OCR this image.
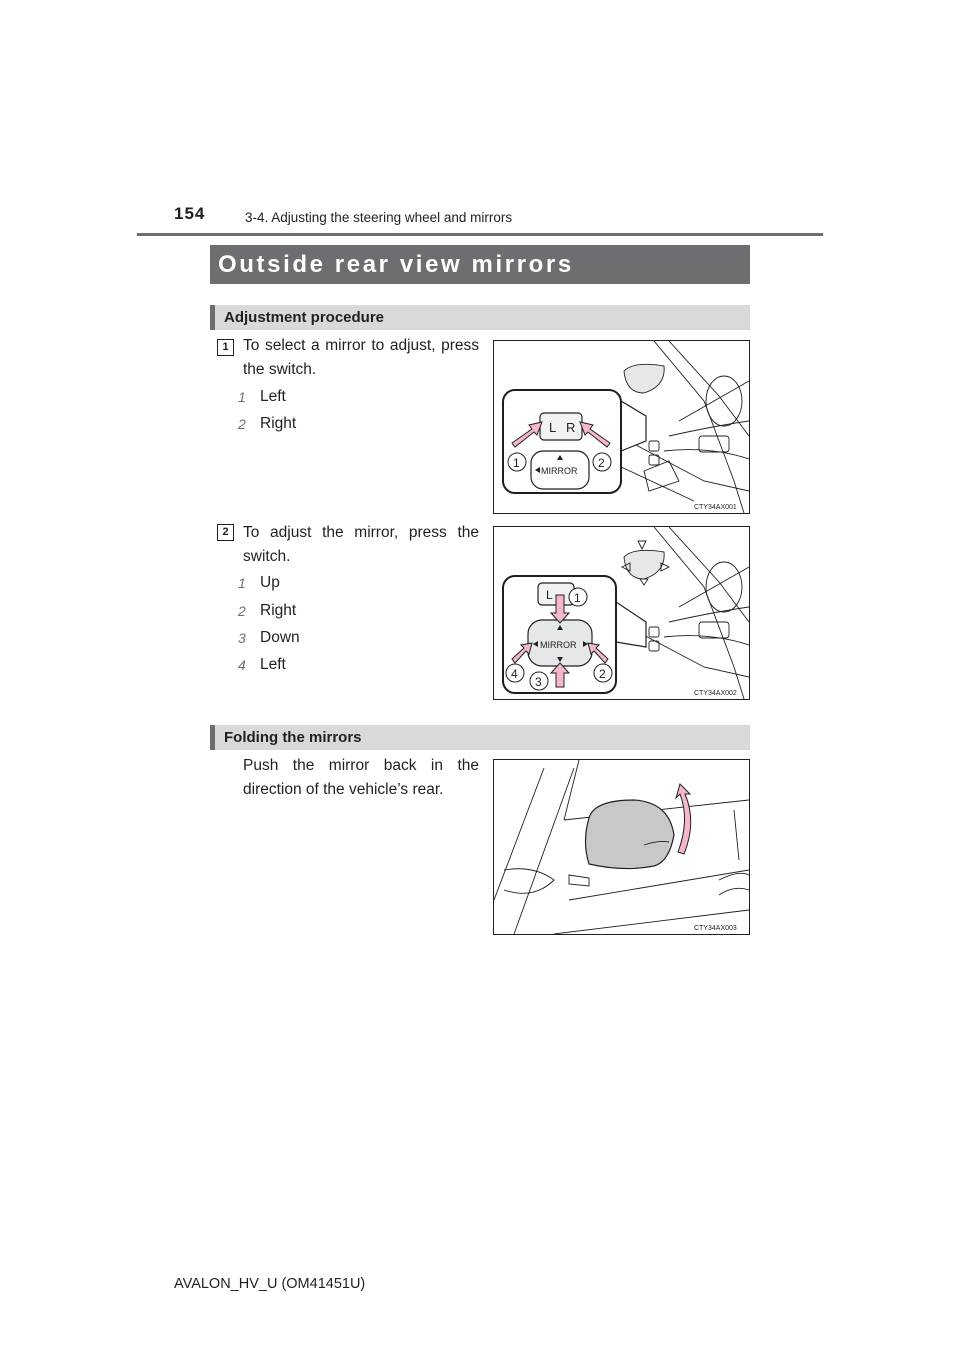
154	3-4. Adjusting the steering wheel and mirrors
Outside rear view mirrors
Adjustment procedure
1 To select a mirror to adjust, press the switch.
1 Left
2 Right	L R
MIRROR
1	2
CTY34AX001
2 To adjust the mirror, press the switch.
1 Up
2 Right
3 Down
4 Left
L
MIRROR
1
2
3
4
CTY34AX002
Folding the mirrors
Push the mirror back in the direction of the vehicle’s rear.
CTY34AX003
AVALON_HV_U (OM41451U)
